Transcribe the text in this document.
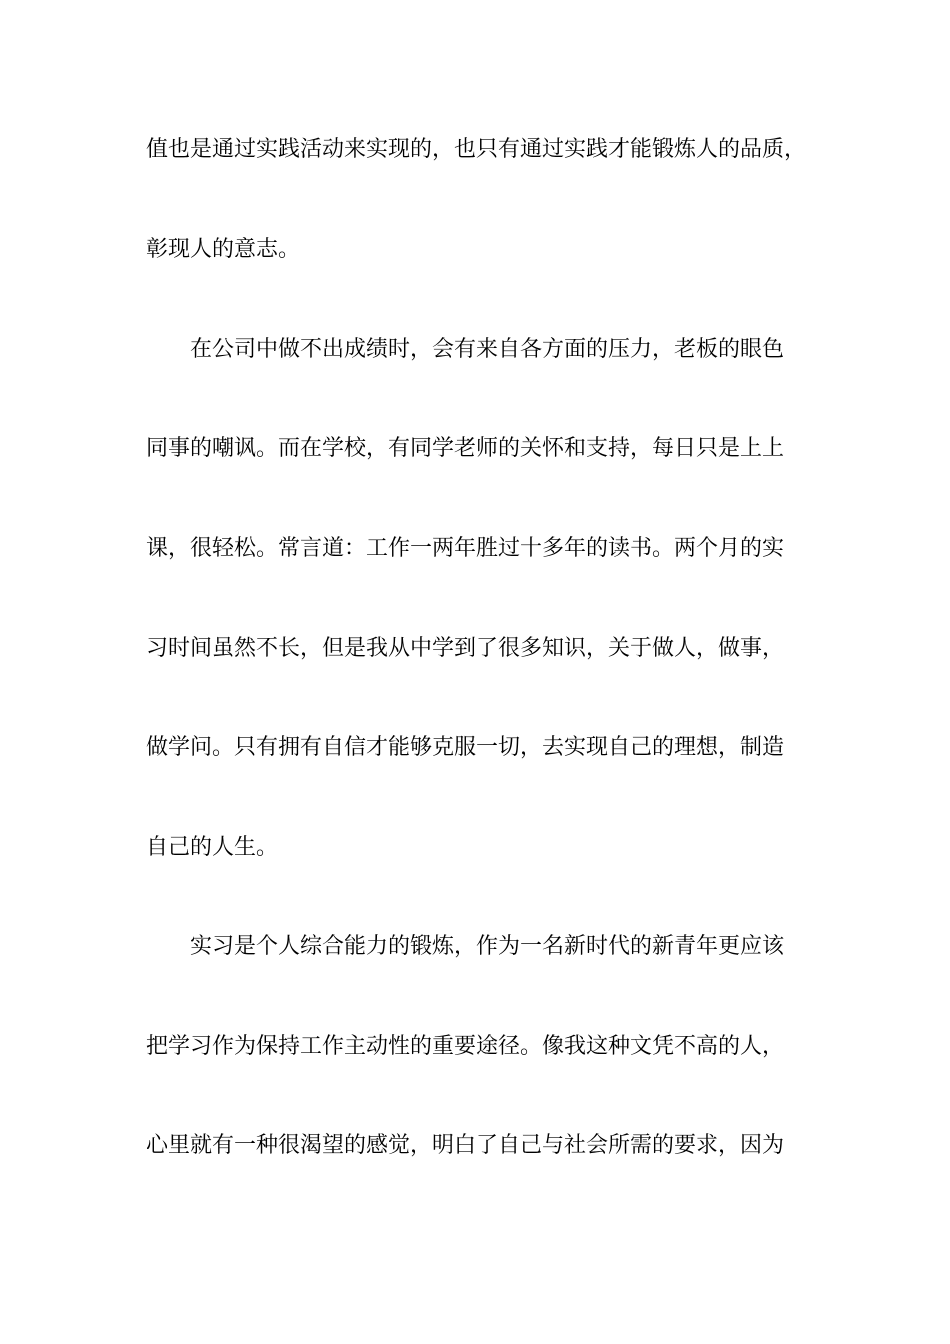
值也是通过实践活动来实现的，也只有通过实践才能锻炼人的品质，
彰现人的意志。
在公司中做不出成绩时，会有来自各方面的压力，老板的眼色
同事的嘲讽。而在学校，有同学老师的关怀和支持，每日只是上上
课，很轻松。常言道：工作一两年胜过十多年的读书。两个月的实
习时间虽然不长，但是我从中学到了很多知识，关于做人，做事，
做学问。只有拥有自信才能够克服一切，去实现自己的理想，制造
自己的人生。
实习是个人综合能力的锻炼，作为一名新时代的新青年更应该
把学习作为保持工作主动性的重要途径。像我这种文凭不高的人，
心里就有一种很渴望的感觉，明白了自己与社会所需的要求，因为
